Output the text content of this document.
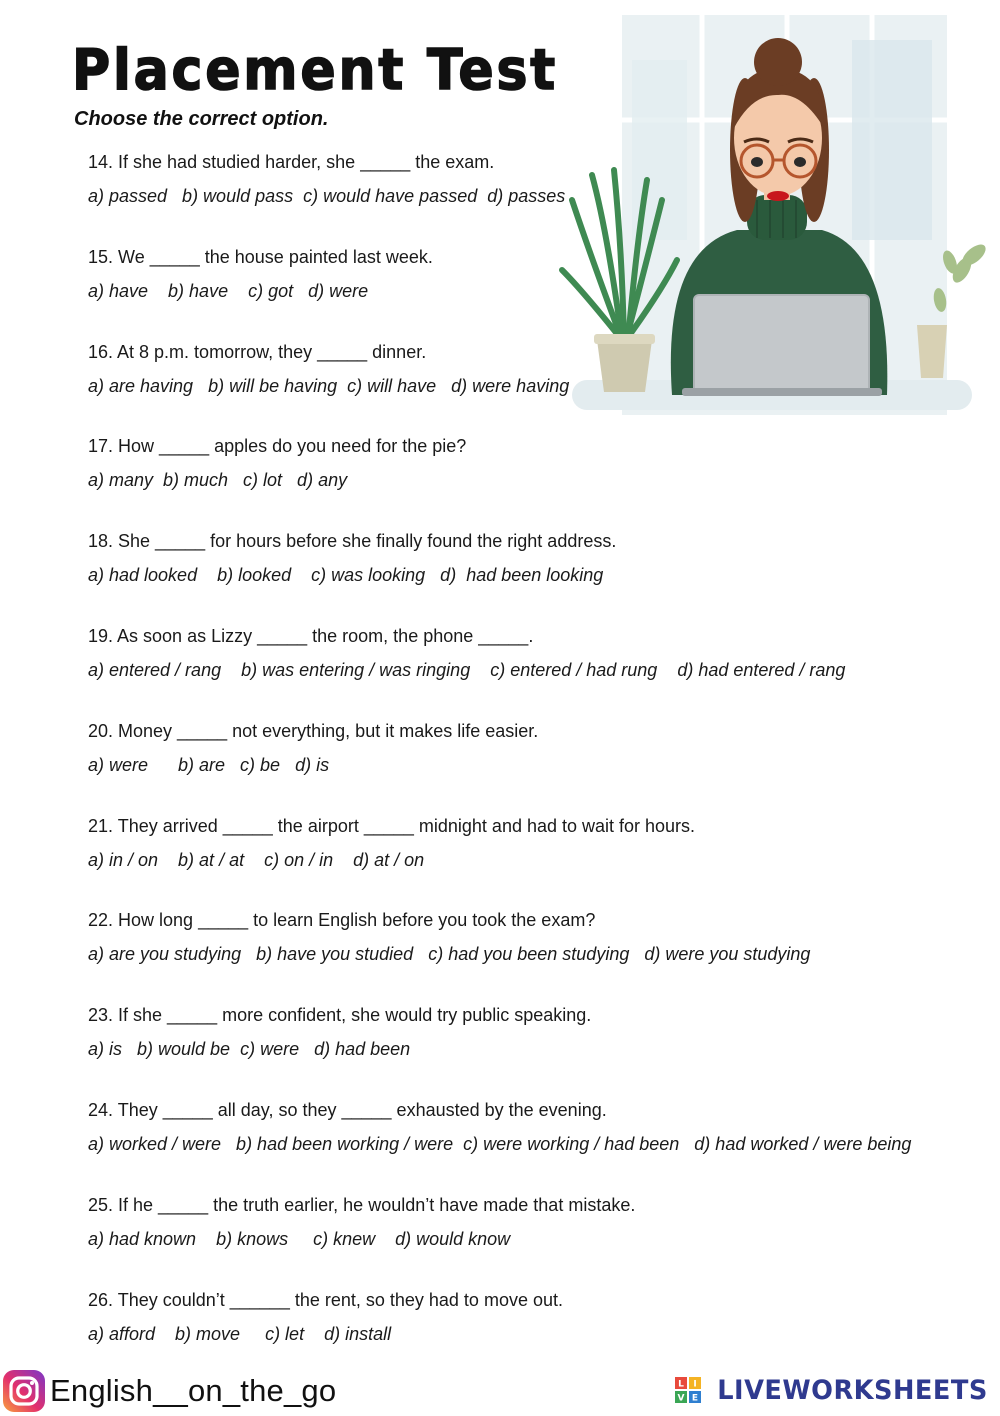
Placement Test
Choose the correct option.
14. If she had studied harder, she _____ the exam.
a) passed   b) would pass  c) would have passed  d) passes
15. We _____ the house painted last week.
a) have    b) have    c) got   d) were
16. At 8 p.m. tomorrow, they _____ dinner.
a) are having   b) will be having  c) will have   d) were having
17. How _____ apples do you need for the pie?
a) many  b) much   c) lot   d) any
18. She _____ for hours before she finally found the right address.
a) had looked    b) looked    c) was looking   d)  had been looking
19. As soon as Lizzy _____ the room, the phone _____.
a) entered / rang    b) was entering / was ringing    c) entered / had rung    d) had entered / rang
20. Money _____ not everything, but it makes life easier.
a) were      b) are   c) be   d) is
21. They arrived _____ the airport _____ midnight and had to wait for hours.
a) in / on    b) at / at    c) on / in    d) at / on
22. How long _____ to learn English before you took the exam?
a) are you studying   b) have you studied   c) had you been studying   d) were you studying
23. If she _____ more confident, she would try public speaking.
a) is   b) would be  c) were   d) had been
24. They _____ all day, so they _____ exhausted by the evening.
a) worked / were   b) had been working / were  c) were working / had been   d) had worked / were being
25. If he _____ the truth earlier, he wouldn’t have made that mistake.
a) had known    b) knows     c) knew    d) would know
26. They couldn’t ______ the rent, so they had to move out.
a) afford    b) move     c) let    d) install
English__on_the_go	L I
V E LIVEWORKSHEETS
